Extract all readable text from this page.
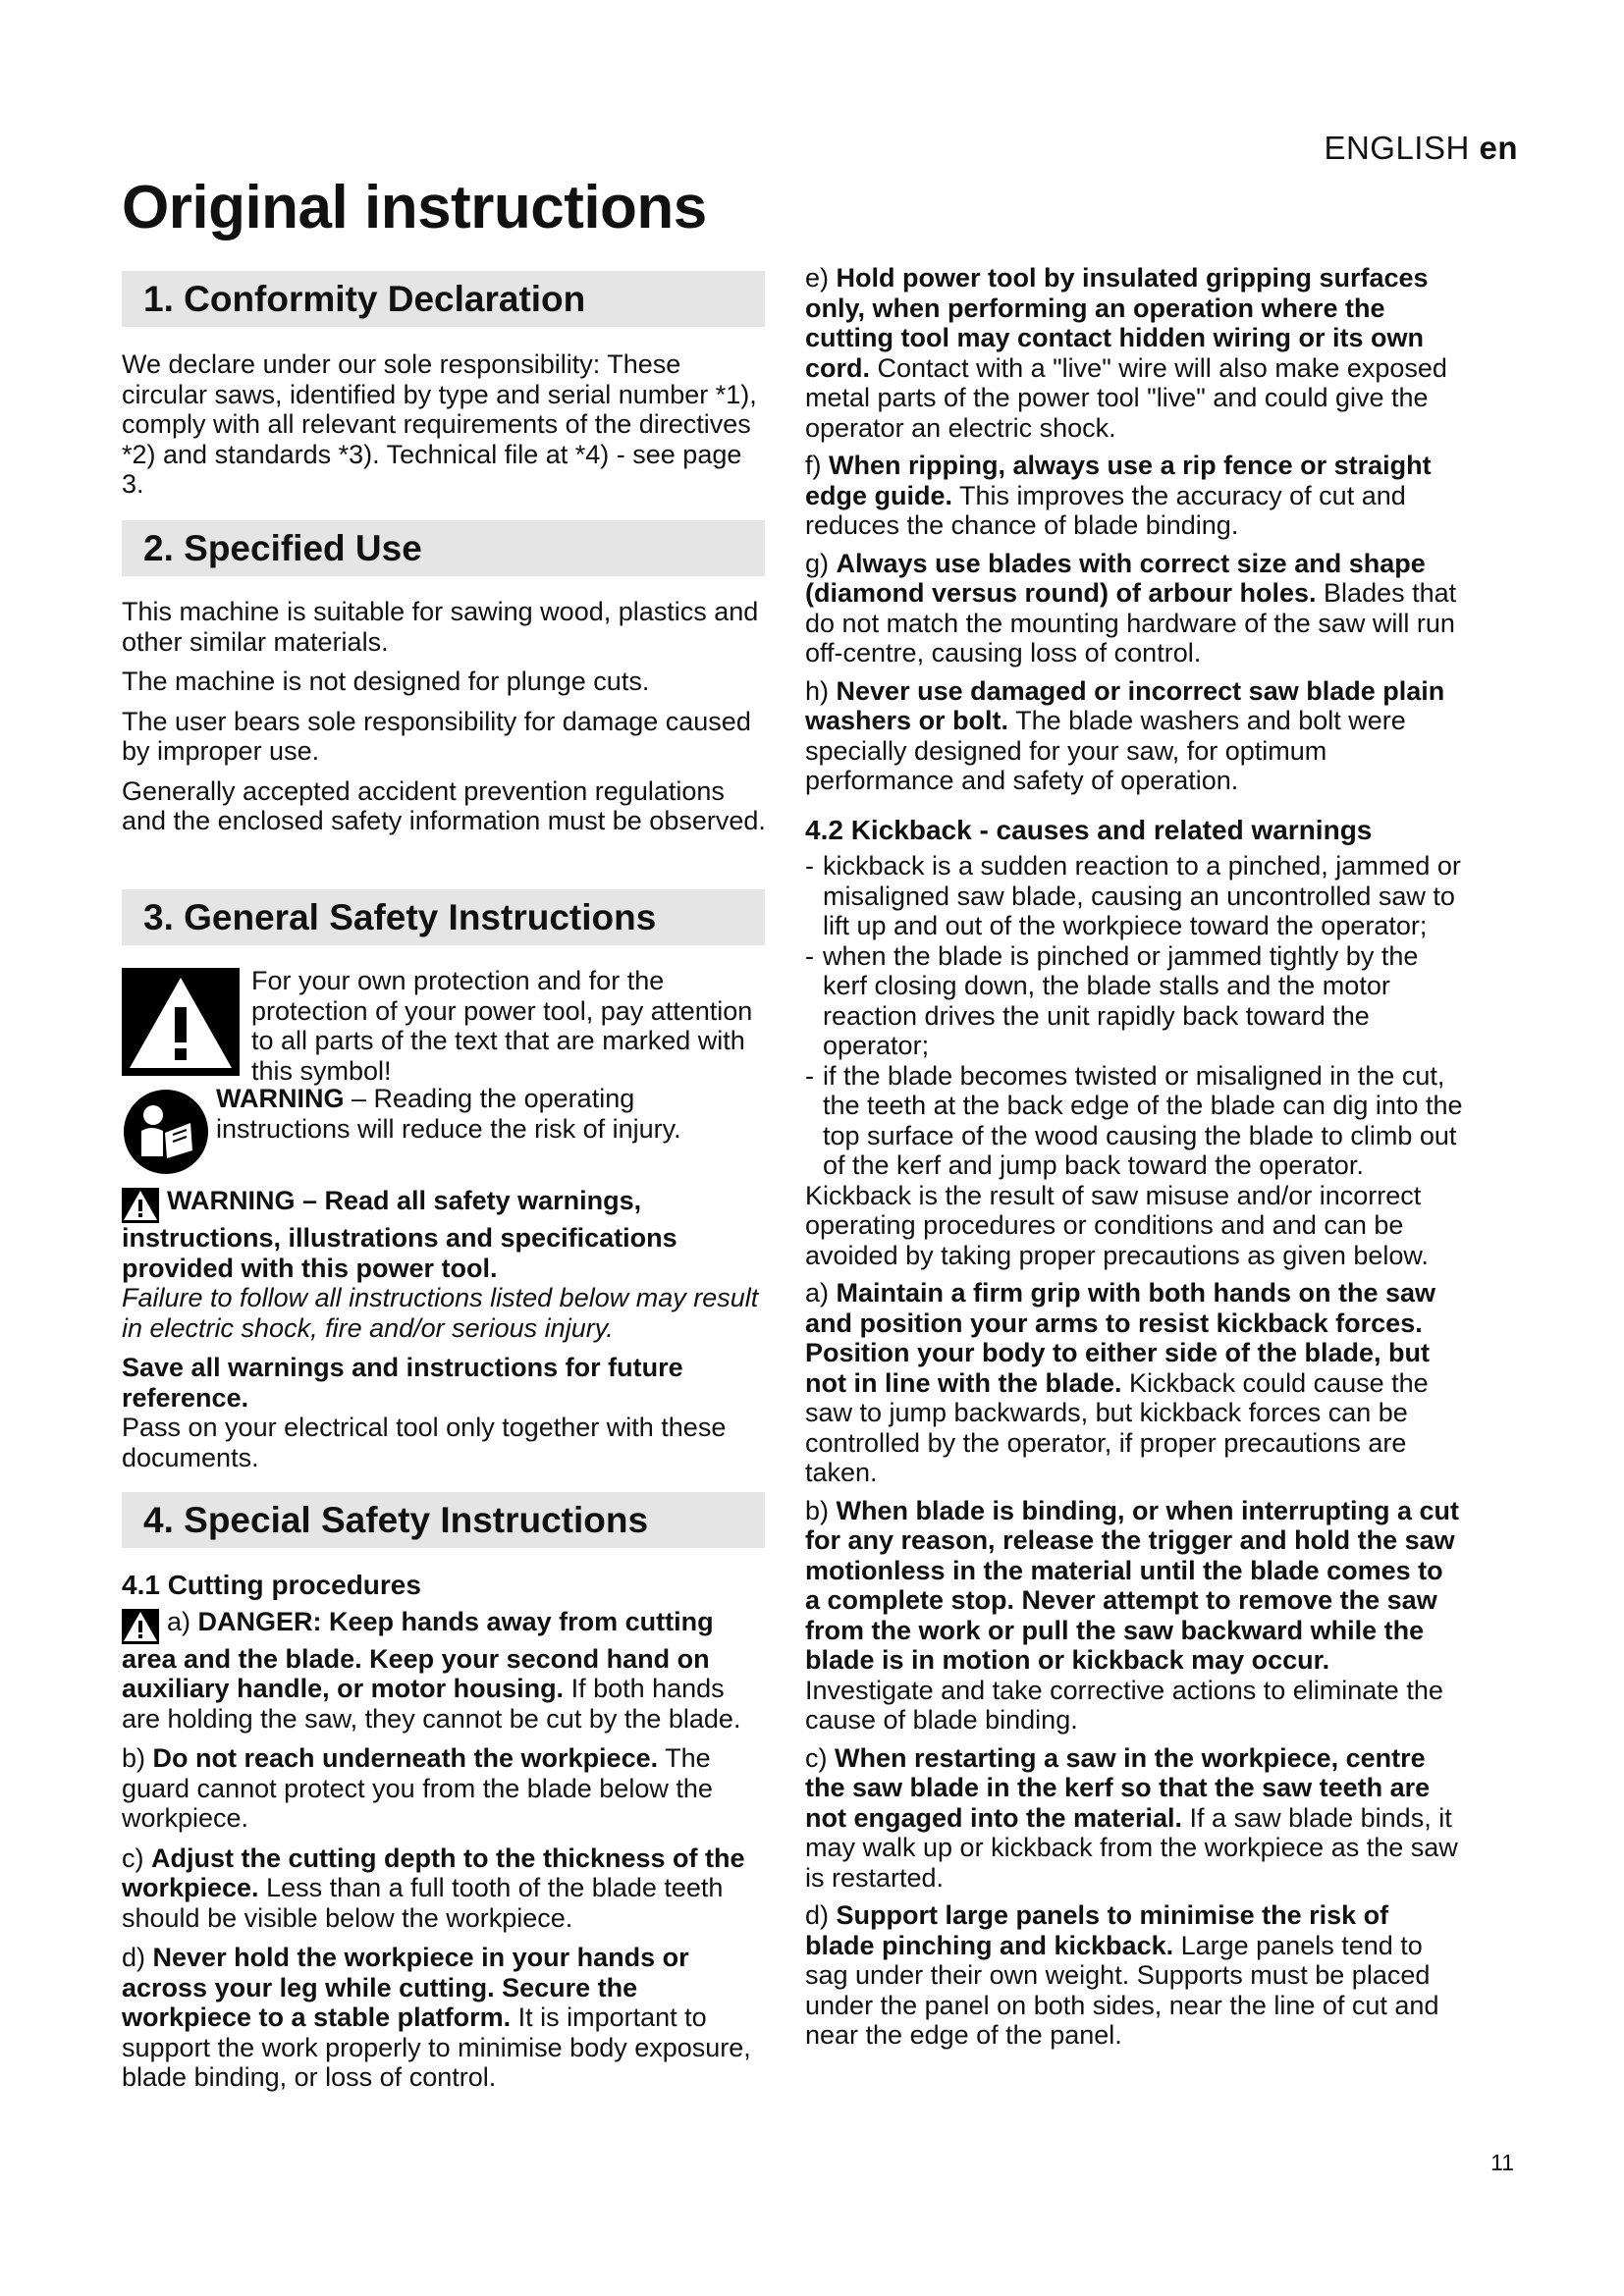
ENGLISH en
Original instructions
1. Conformity Declaration

We declare under our sole responsibility: These circular saws, identified by type and serial number *1), comply with all relevant requirements of the directives *2) and standards *3). Technical file at *4) - see page 3.

2. Specified Use

This machine is suitable for sawing wood, plastics and other similar materials.

The machine is not designed for plunge cuts.

The user bears sole responsibility for damage caused by improper use.

Generally accepted accident prevention regulations and the enclosed safety information must be observed.

3. General Safety Instructions

For your own protection and for the protection of your power tool, pay attention to all parts of the text that are marked with this symbol!

WARNING – Reading the operating instructions will reduce the risk of injury.

WARNING – Read all safety warnings, instructions, illustrations and specifications provided with this power tool.

Failure to follow all instructions listed below may result in electric shock, fire and/or serious injury.

Save all warnings and instructions for future reference.

Pass on your electrical tool only together with these documents.

4. Special Safety Instructions

4.1 Cutting procedures

a) DANGER: Keep hands away from cutting area and the blade. Keep your second hand on auxiliary handle, or motor housing. If both hands are holding the saw, they cannot be cut by the blade.

b) Do not reach underneath the workpiece. The guard cannot protect you from the blade below the workpiece.

c) Adjust the cutting depth to the thickness of the workpiece. Less than a full tooth of the blade teeth should be visible below the workpiece.

d) Never hold the workpiece in your hands or across your leg while cutting. Secure the workpiece to a stable platform. It is important to support the work properly to minimise body exposure, blade binding, or loss of control.

e) Hold power tool by insulated gripping surfaces only, when performing an operation where the cutting tool may contact hidden wiring or its own cord. Contact with a "live" wire will also make exposed metal parts of the power tool "live" and could give the operator an electric shock.

f) When ripping, always use a rip fence or straight edge guide. This improves the accuracy of cut and reduces the chance of blade binding.

g) Always use blades with correct size and shape (diamond versus round) of arbour holes. Blades that do not match the mounting hardware of the saw will run off-centre, causing loss of control.

h) Never use damaged or incorrect saw blade plain washers or bolt. The blade washers and bolt were specially designed for your saw, for optimum performance and safety of operation.

4.2 Kickback - causes and related warnings

- kickback is a sudden reaction to a pinched, jammed or misaligned saw blade, causing an uncontrolled saw to lift up and out of the workpiece toward the operator;
- when the blade is pinched or jammed tightly by the kerf closing down, the blade stalls and the motor reaction drives the unit rapidly back toward the operator;
- if the blade becomes twisted or misaligned in the cut, the teeth at the back edge of the blade can dig into the top surface of the wood causing the blade to climb out of the kerf and jump back toward the operator.

Kickback is the result of saw misuse and/or incorrect operating procedures or conditions and and can be avoided by taking proper precautions as given below.

a) Maintain a firm grip with both hands on the saw and position your arms to resist kickback forces. Position your body to either side of the blade, but not in line with the blade. Kickback could cause the saw to jump backwards, but kickback forces can be controlled by the operator, if proper precautions are taken.

b) When blade is binding, or when interrupting a cut for any reason, release the trigger and hold the saw motionless in the material until the blade comes to a complete stop. Never attempt to remove the saw from the work or pull the saw backward while the blade is in motion or kickback may occur. Investigate and take corrective actions to eliminate the cause of blade binding.

c) When restarting a saw in the workpiece, centre the saw blade in the kerf so that the saw teeth are not engaged into the material. If a saw blade binds, it may walk up or kickback from the workpiece as the saw is restarted.

d) Support large panels to minimise the risk of blade pinching and kickback. Large panels tend to sag under their own weight. Supports must be placed under the panel on both sides, near the line of cut and near the edge of the panel.

11
